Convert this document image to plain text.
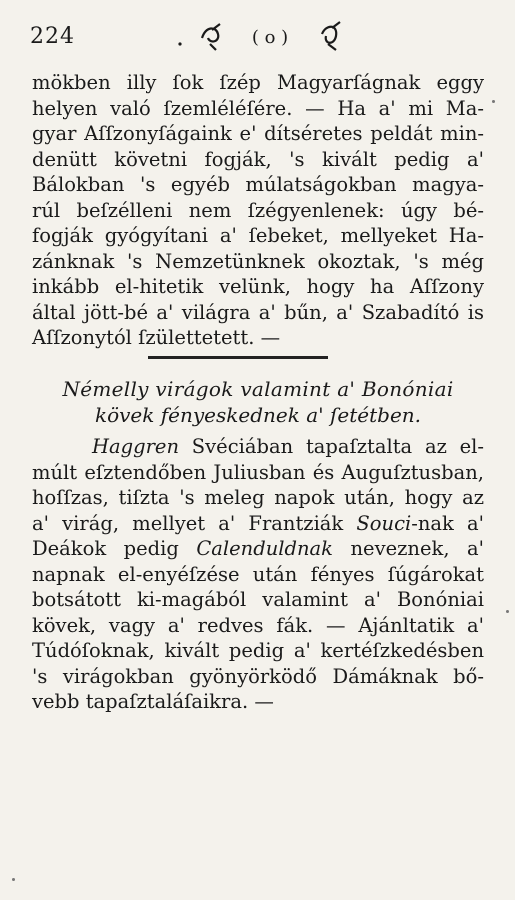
224	( o )
mökben illy ſok ſzép Magyarſágnak eggy
helyen való ſzemléléſére. — Ha a' mi Ma-
gyar Aſſzonyſágaink e' dítséretes peldát min-
denütt követni fogják, 's kivált pedig a'
Bálokban 's egyéb múlatságokban magya-
rúl beſzélleni nem ſzégyenlenek: úgy bé-
fogják gyógyítani a' ſebeket, mellyeket Ha-
zánknak 's Nemzetünknek okoztak, 's még
inkább el-hitetik velünk, hogy ha Aſſzony
által jött-bé a' világra a' bűn, a' Szabadító is
Aſſzonytól ſzülettetett. —
Némelly virágok valamint a' Bonóniai
kövek fényeskednek a' ſetétben.
Haggren Svéciában tapaſztalta az el-
múlt eſztendőben Juliusban és Auguſztusban,
hoſſzas, tiſzta 's meleg napok után, hogy az
a' virág, mellyet a' Frantziák Souci-nak a'
Deákok pedig Calenduldnak neveznek, a'
napnak el-enyéſzése után fényes ſúgárokat
botsátott ki-magából valamint a' Bonóniai
kövek, vagy a' redves fák. — Ajánltatik a'
Túdóſoknak, kivált pedig a' kertéſzkedésben
's virágokban gyönyörködő Dámáknak bő-
vebb tapaſztaláſaikra. —
